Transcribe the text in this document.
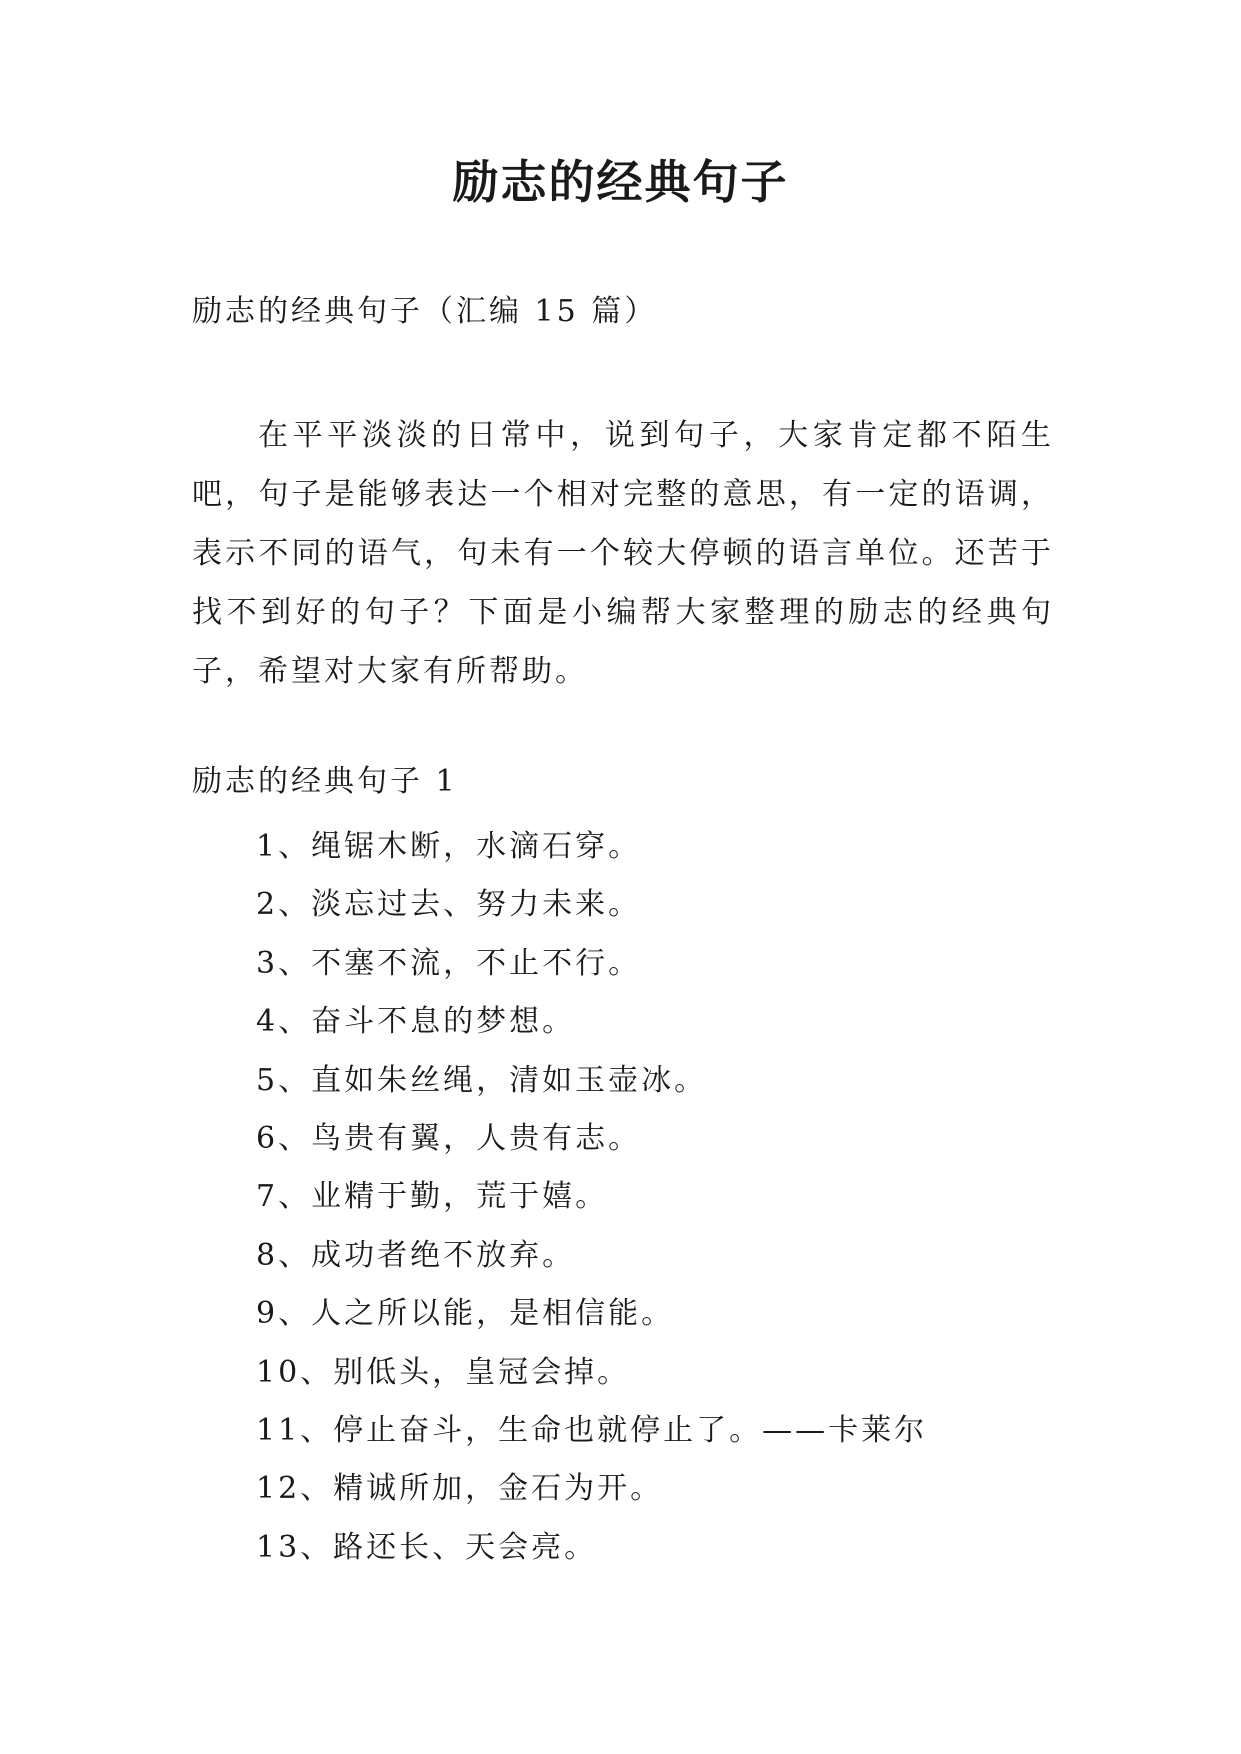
励志的经典句子
励志的经典句子（汇编 15 篇）

在平平淡淡的日常中，说到句子，大家肯定都不陌生吧，句子是能够表达一个相对完整的意思，有一定的语调，表示不同的语气，句未有一个较大停顿的语言单位。还苦于找不到好的句子？下面是小编帮大家整理的励志的经典句子，希望对大家有所帮助。

励志的经典句子 1
1、绳锯木断，水滴石穿。
2、淡忘过去、努力未来。
3、不塞不流，不止不行。
4、奋斗不息的梦想。
5、直如朱丝绳，清如玉壶冰。
6、鸟贵有翼，人贵有志。
7、业精于勤，荒于嬉。
8、成功者绝不放弃。
9、人之所以能，是相信能。
10、别低头，皇冠会掉。
11、停止奋斗，生命也就停止了。——卡莱尔
12、精诚所加，金石为开。
13、路还长、天会亮。
